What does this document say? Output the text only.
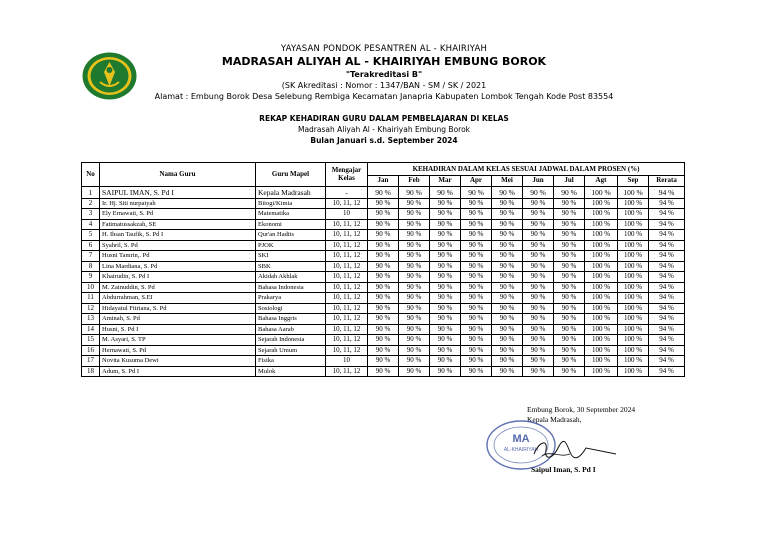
YAYASAN PONDOK PESANTREN AL - KHAIRIYAH
MADRASAH ALIYAH AL - KHAIRIYAH EMBUNG BOROK
"Terakreditasi B"
(SK Akreditasi : Nomor : 1347/BAN - SM / SK / 2021
Alamat : Embung Borok Desa Selebung Rembiga Kecamatan Janapria Kabupaten Lombok Tengah Kode Post 83554
REKAP KEHADIRAN GURU DALAM PEMBELAJARAN DI KELAS
Madrasah Aliyah Al - Khairiyah Embung Borok
Bulan Januari s.d. September 2024
No	Nama Guru	Guru Mapel	Mengajar Kelas	KEHADIRAN DALAM KELAS SESUAI JADWAL DALAM PROSEN (%)									
				Jan	Feb	Mar	Apr	Mei	Jun	Jul	Agt	Sep	Rerata
1	SAIPUL IMAN, S. Pd I	Kepala Madrasah	-	90 %	90 %	90 %	90 %	90 %	90 %	90 %	100 %	100 %	94 %
2	Ir. Hj. Siti nurpaiyah	Biiogi/Kimia	10, 11, 12	90 %	90 %	90 %	90 %	90 %	90 %	90 %	100 %	100 %	94 %
3	Ely Ernawati, S. Pd	Matematika	10	90 %	90 %	90 %	90 %	90 %	90 %	90 %	100 %	100 %	94 %
4	Fatimatussakzah, SE	Ekonomi	10, 11, 12	90 %	90 %	90 %	90 %	90 %	90 %	90 %	100 %	100 %	94 %
5	H. Ihsan Taufik, S. Pd I	Qur'an Hadits	10, 11, 12	90 %	90 %	90 %	90 %	90 %	90 %	90 %	100 %	100 %	94 %
6	Syahril, S. Pd	PJOK	10, 11, 12	90 %	90 %	90 %	90 %	90 %	90 %	90 %	100 %	100 %	94 %
7	Husni Tamrin,. Pd	SKI	10, 11, 12	90 %	90 %	90 %	90 %	90 %	90 %	90 %	100 %	100 %	94 %
8	Lina Mardiana, S. Pd	SBK	10, 11, 12	90 %	90 %	90 %	90 %	90 %	90 %	90 %	100 %	100 %	94 %
9	Khairudin, S. Pd I	Akidah Akhlak	10, 11, 12	90 %	90 %	90 %	90 %	90 %	90 %	90 %	100 %	100 %	94 %
10	M. Zainuddin, S. Pd	Bahasa Indonesia	10, 11, 12	90 %	90 %	90 %	90 %	90 %	90 %	90 %	100 %	100 %	94 %
11	Abdurrahman, S.EI	Prakarya	10, 11, 12	90 %	90 %	90 %	90 %	90 %	90 %	90 %	100 %	100 %	94 %
12	Hidayatul Fitriana, S. Pd	Sosiologi	10, 11, 12	90 %	90 %	90 %	90 %	90 %	90 %	90 %	100 %	100 %	94 %
13	Aminah, S. Pd	Bahasa Inggris	10, 11, 12	90 %	90 %	90 %	90 %	90 %	90 %	90 %	100 %	100 %	94 %
14	Husni, S. Pd I	Bahasa Aarab	10, 11, 12	90 %	90 %	90 %	90 %	90 %	90 %	90 %	100 %	100 %	94 %
15	M. Asyari, S. TP	Sejarah Indonesia	10, 11, 12	90 %	90 %	90 %	90 %	90 %	90 %	90 %	100 %	100 %	94 %
16	Hernawati, S. Pd	Sejarah Umum	10, 11, 12	90 %	90 %	90 %	90 %	90 %	90 %	90 %	100 %	100 %	94 %
17	Novita Kusuma Dewi	Fisika	10	90 %	90 %	90 %	90 %	90 %	90 %	90 %	100 %	100 %	94 %
18	Adum, S. Pd I	Mulok	10, 11, 12	90 %	90 %	90 %	90 %	90 %	90 %	90 %	100 %	100 %	94 %
Embung Borok, 30 September 2024
Kepala Madrasah,
Saipul Iman, S. Pd I
MA
AL-KHAIRIYAH
